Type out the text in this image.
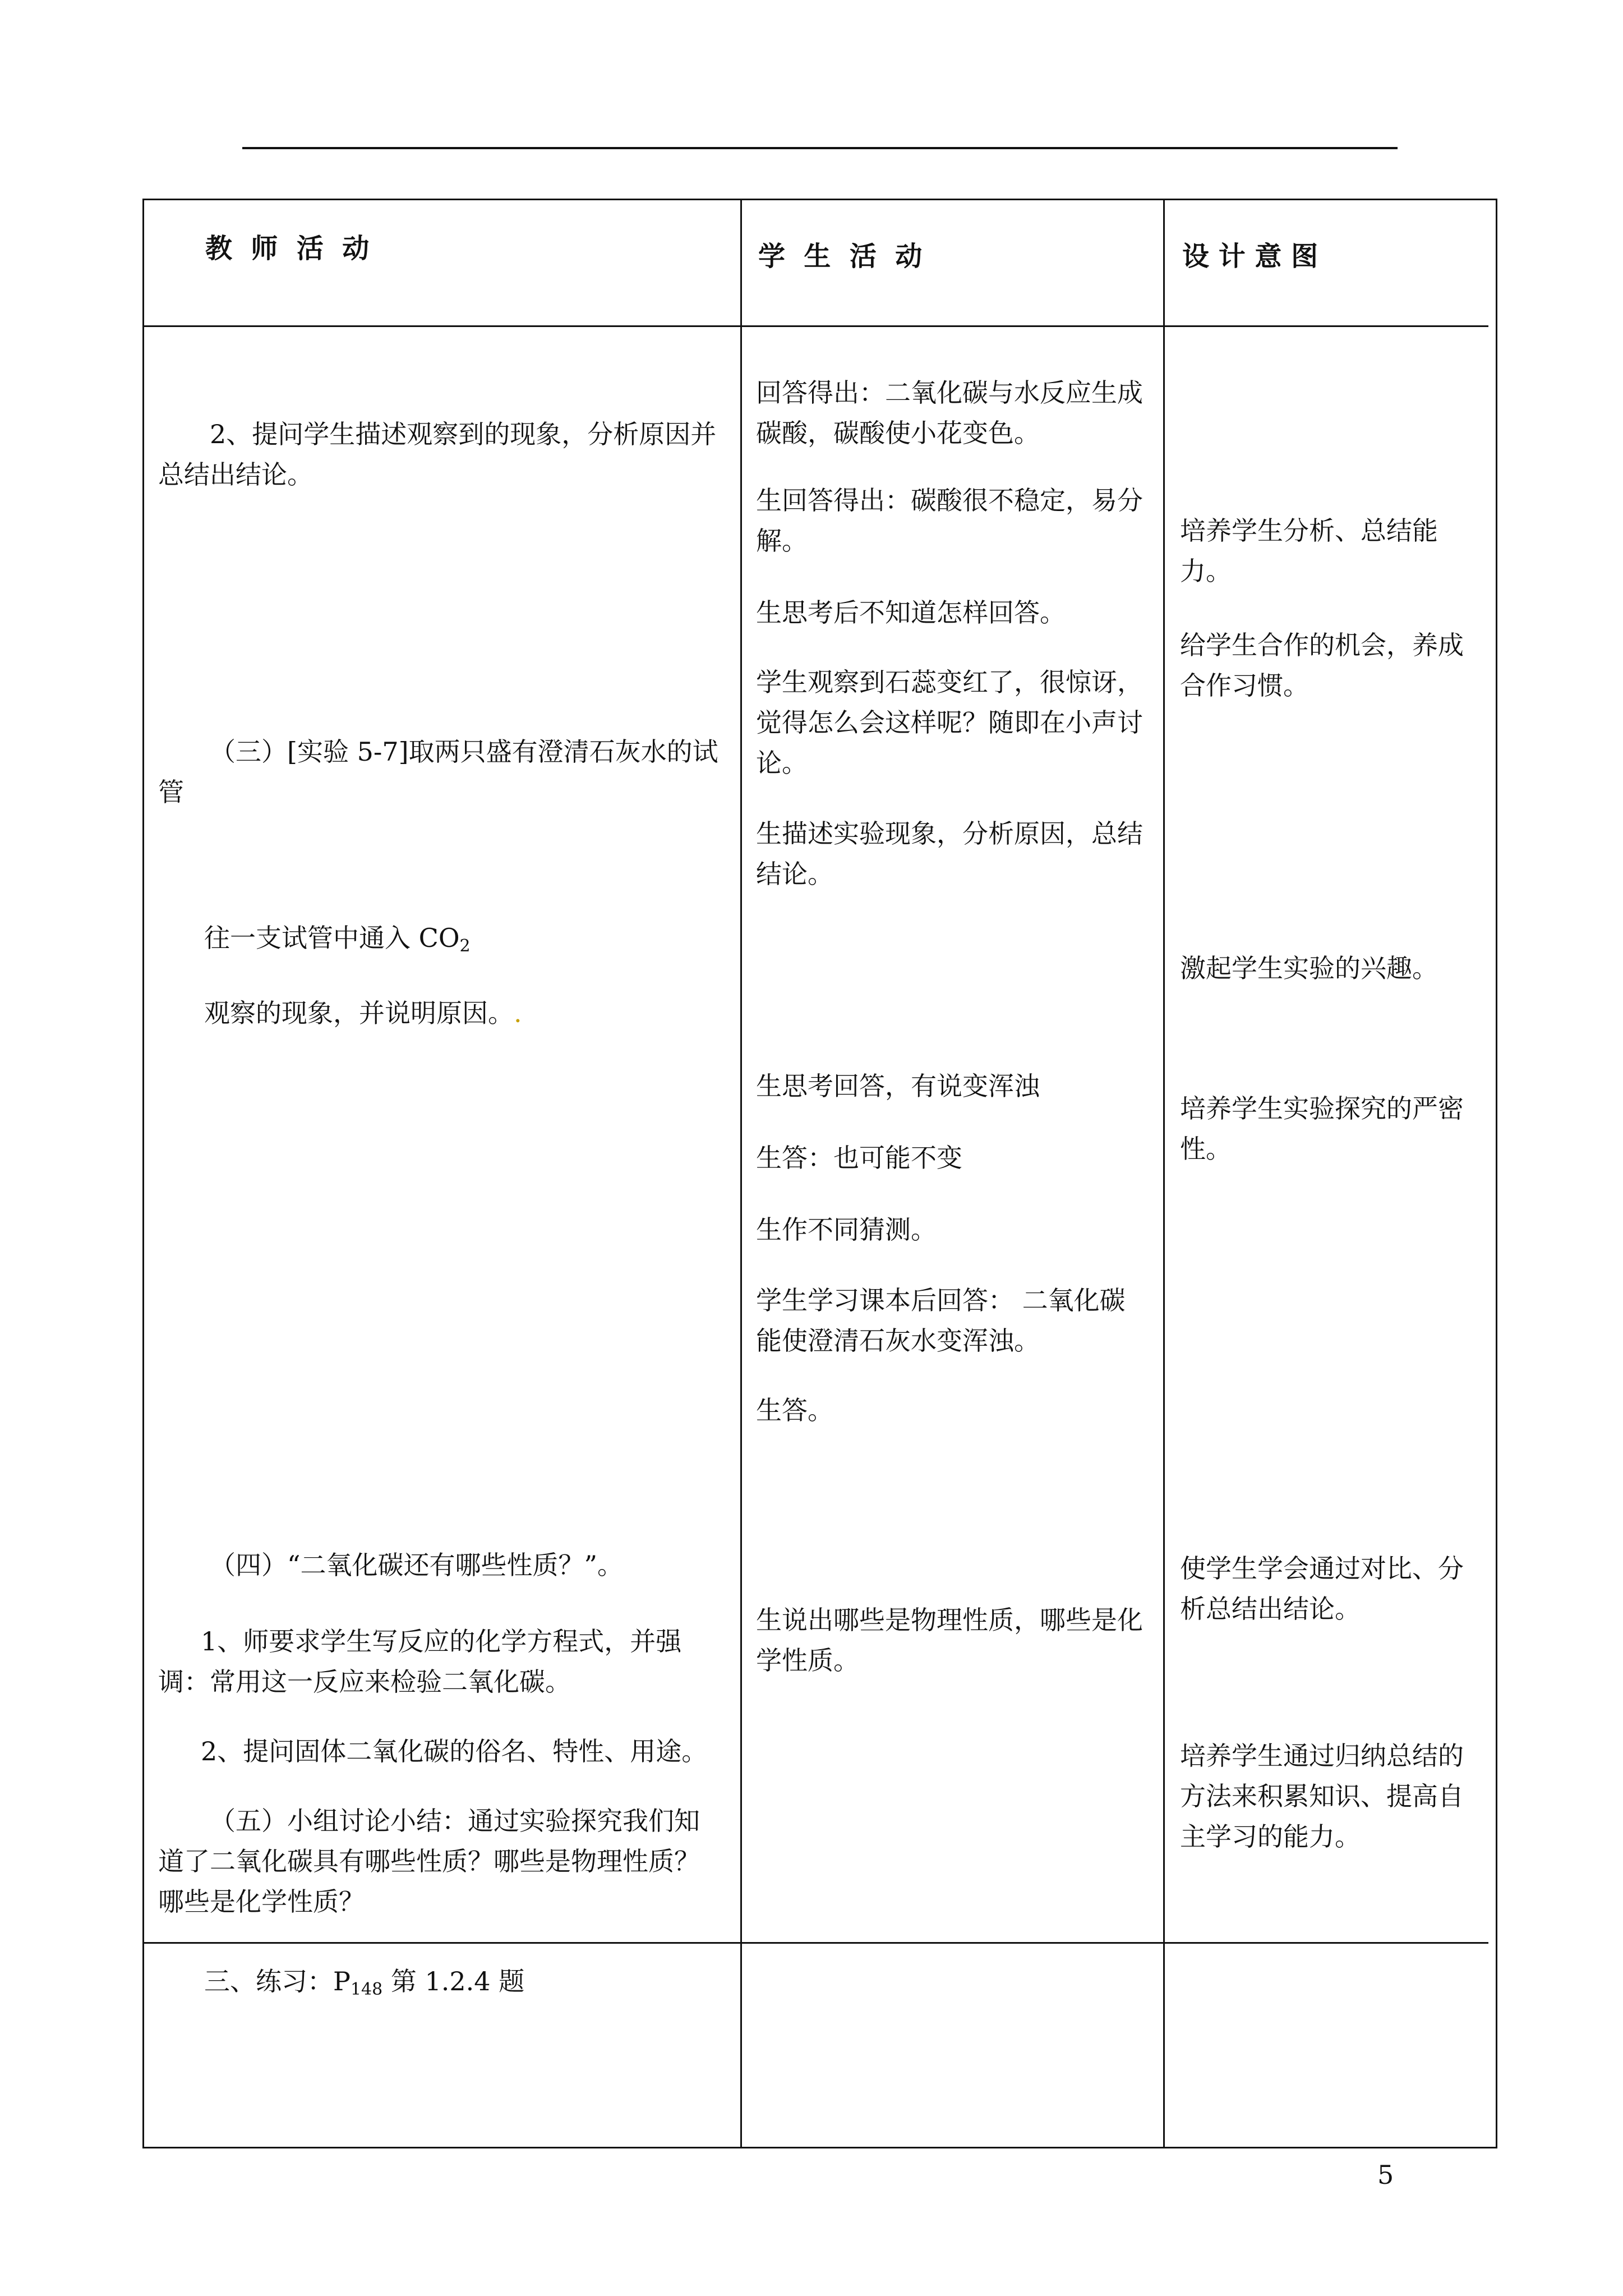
教  师  活  动	学  生  活  动	设 计 意 图

2、提问学生描述观察到的现象，分析原因并总结出结论。

（三）[实验 5-7]取两只盛有澄清石灰水的试管

往一支试管中通入 $CO_2$

观察的现象，并说明原因。.

（四）“二氧化碳还有哪些性质？”。

1、师要求学生写反应的化学方程式，并强调：常用这一反应来检验二氧化碳。

2、提问固体二氧化碳的俗名、特性、用途。

（五）小组讨论小结：通过实验探究我们知道了二氧化碳具有哪些性质？哪些是物理性质？哪些是化学性质？

三、练习：$P_{148}$ 第 1.2.4 题

回答得出：二氧化碳与水反应生成碳酸，碳酸使小花变色。

生回答得出：碳酸很不稳定，易分解。

生思考后不知道怎样回答。

学生观察到石蕊变红了，很惊讶，觉得怎么会这样呢？随即在小声讨论。

生描述实验现象，分析原因，总结结论。

生思考回答，有说变浑浊

生答：也可能不变

生作不同猜测。

学生学习课本后回答： 二氧化碳能使澄清石灰水变浑浊。

生答。

生说出哪些是物理性质，哪些是化学性质。

培养学生分析、总结能力。

给学生合作的机会，养成合作习惯。

激起学生实验的兴趣。

培养学生实验探究的严密性。

使学生学会通过对比、分析总结出结论。

培养学生通过归纳总结的方法来积累知识、提高自主学习的能力。

5
